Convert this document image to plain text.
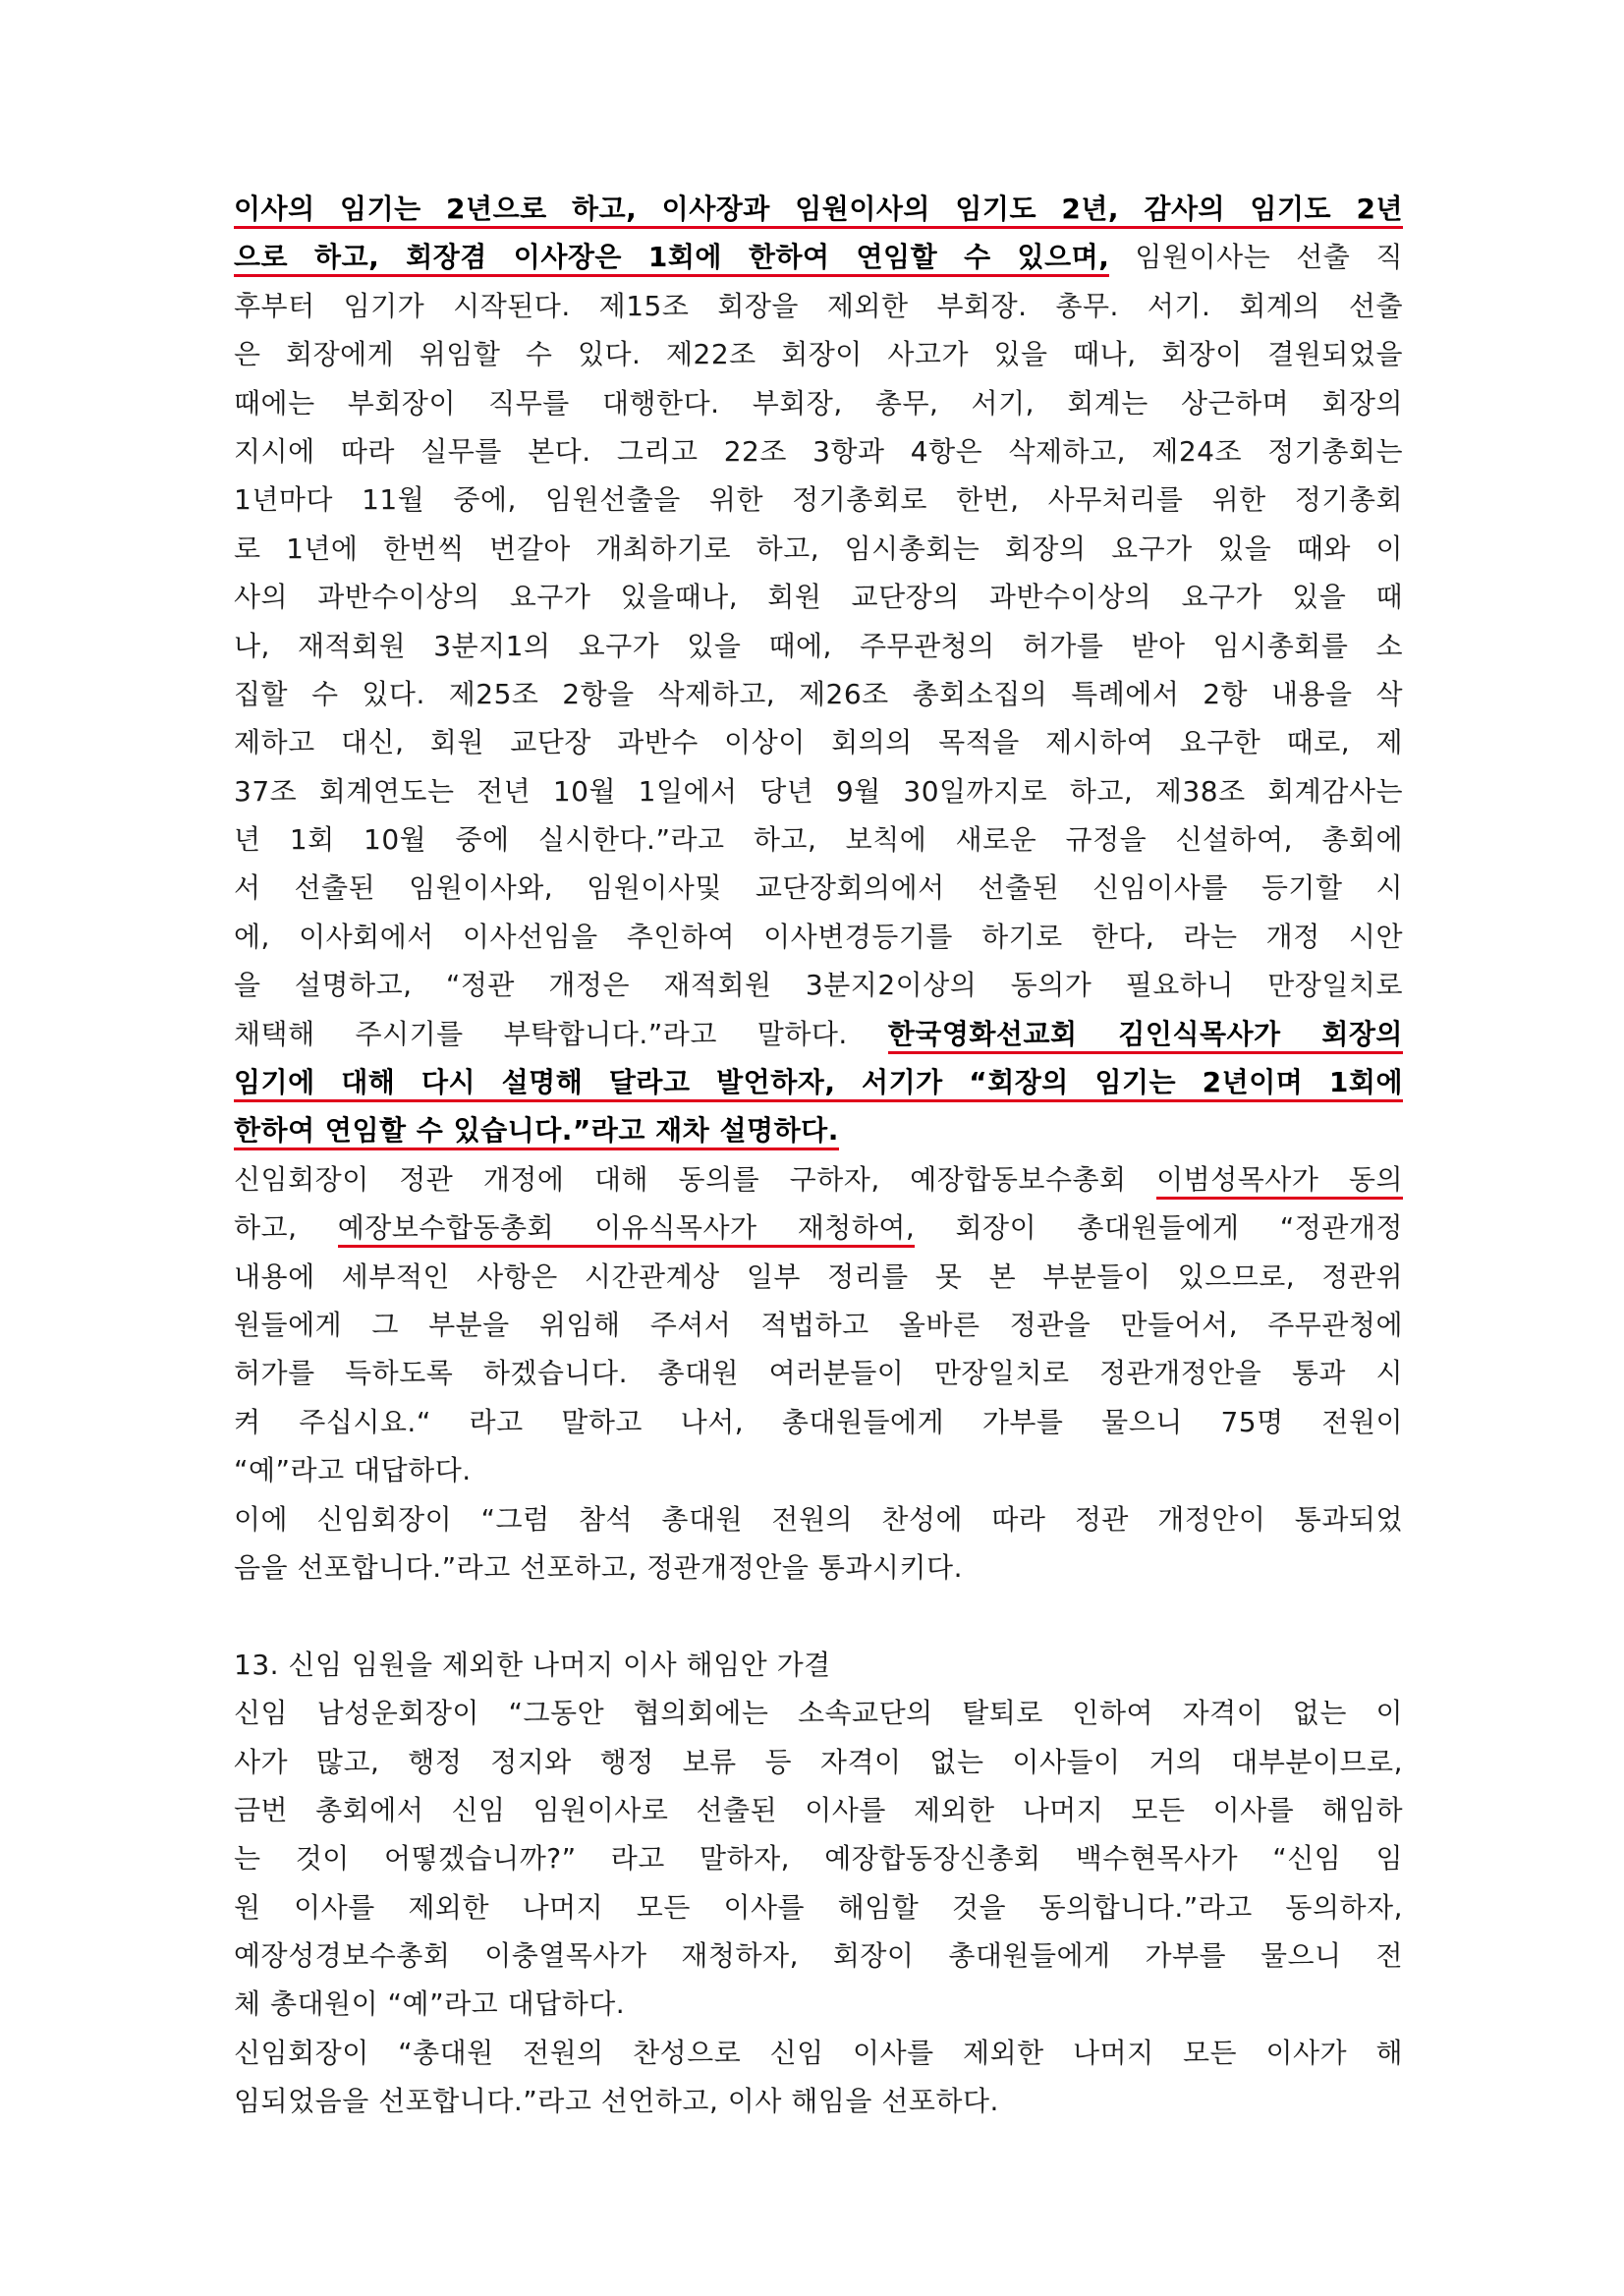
이사의 임기는 2년으로 하고, 이사장과 임원이사의 임기도 2년, 감사의 임기도 2년
으로 하고, 회장겸 이사장은 1회에 한하여 연임할 수 있으며, 임원이사는 선출 직
후부터 임기가 시작된다. 제15조 회장을 제외한 부회장. 총무. 서기. 회계의 선출
은 회장에게 위임할 수 있다. 제22조 회장이 사고가 있을 때나, 회장이 결원되었을
때에는 부회장이 직무를 대행한다. 부회장, 총무, 서기, 회계는 상근하며 회장의
지시에 따라 실무를 본다. 그리고 22조 3항과 4항은 삭제하고, 제24조 정기총회는
1년마다 11월 중에, 임원선출을 위한 정기총회로 한번, 사무처리를 위한 정기총회
로 1년에 한번씩 번갈아 개최하기로 하고, 임시총회는 회장의 요구가 있을 때와 이
사의 과반수이상의 요구가 있을때나, 회원 교단장의 과반수이상의 요구가 있을 때
나, 재적회원 3분지1의 요구가 있을 때에, 주무관청의 허가를 받아 임시총회를 소
집할 수 있다. 제25조 2항을 삭제하고, 제26조 총회소집의 특례에서 2항 내용을 삭
제하고 대신, 회원 교단장 과반수 이상이 회의의 목적을 제시하여 요구한 때로, 제
37조 회계연도는 전년 10월 1일에서 당년 9월 30일까지로 하고, 제38조 회계감사는
년 1회 10월 중에 실시한다.”라고 하고, 보칙에 새로운 규정을 신설하여, 총회에
서 선출된 임원이사와, 임원이사및 교단장회의에서 선출된 신임이사를 등기할 시
에, 이사회에서 이사선임을 추인하여 이사변경등기를 하기로 한다, 라는 개정 시안
을 설명하고, “정관 개정은 재적회원 3분지2이상의 동의가 필요하니 만장일치로
채택해 주시기를 부탁합니다.”라고 말하다. 한국영화선교회 김인식목사가 회장의
임기에 대해 다시 설명해 달라고 발언하자, 서기가 “회장의 임기는 2년이며 1회에
한하여 연임할 수 있습니다.”라고 재차 설명하다.
신임회장이 정관 개정에 대해 동의를 구하자, 예장합동보수총회 이범성목사가 동의
하고, 예장보수합동총회 이유식목사가 재청하여, 회장이 총대원들에게 “정관개정
내용에 세부적인 사항은 시간관계상 일부 정리를 못 본 부분들이 있으므로, 정관위
원들에게 그 부분을 위임해 주셔서 적법하고 올바른 정관을 만들어서, 주무관청에
허가를 득하도록 하겠습니다. 총대원 여러분들이 만장일치로 정관개정안을 통과 시
켜 주십시요.“ 라고 말하고 나서, 총대원들에게 가부를 물으니 75명 전원이
“예”라고 대답하다.
이에 신임회장이 “그럼 참석 총대원 전원의 찬성에 따라 정관 개정안이 통과되었
음을 선포합니다.”라고 선포하고, 정관개정안을 통과시키다.
13. 신임 임원을 제외한 나머지 이사 해임안 가결
신임 남성운회장이 “그동안 협의회에는 소속교단의 탈퇴로 인하여 자격이 없는 이
사가 많고, 행정 정지와 행정 보류 등 자격이 없는 이사들이 거의 대부분이므로,
금번 총회에서 신임 임원이사로 선출된 이사를 제외한 나머지 모든 이사를 해임하
는 것이 어떻겠습니까?” 라고 말하자, 예장합동장신총회 백수현목사가 “신임 임
원 이사를 제외한 나머지 모든 이사를 해임할 것을 동의합니다.”라고 동의하자,
예장성경보수총회 이충열목사가 재청하자, 회장이 총대원들에게 가부를 물으니 전
체 총대원이 “예”라고 대답하다.
신임회장이 “총대원 전원의 찬성으로 신임 이사를 제외한 나머지 모든 이사가 해
임되었음을 선포합니다.”라고 선언하고, 이사 해임을 선포하다.
